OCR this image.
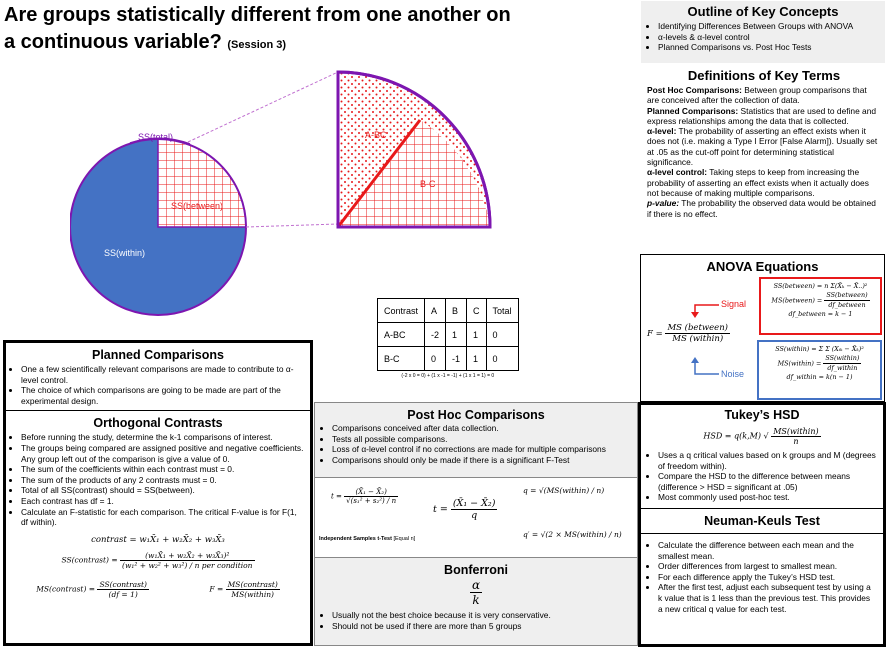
Are groups statistically different from one another on a continuous variable? (Session 3)
SS(total)
SS(between)
SS(within)
A-BC
B-C
Contrast	A	B	C	Total
A-BC	-2	1	1	0
B-C	0	-1	1	0
(-2 x 0 = 0) + (1 x -1 = -1) + (1 x 1 = 1) = 0
Outline of Key Concepts
• Identifying Differences Between Groups with ANOVA
• α-levels & α-level control
• Planned Comparisons vs. Post Hoc Tests
Definitions of Key Terms

Post Hoc Comparisons: Between group comparisons that are conceived after the collection of data.

Planned Comparisons: Statistics that are used to define and express relationships among the data that is collected.

α-level: The probability of asserting an effect exists when it does not (i.e. making a Type I Error [False Alarm]). Usually set at .05 as the cut-off point for determining statistical significance.

α-level control: Taking steps to keep from increasing the probability of asserting an effect exists when it actually does not because of making multiple comparisons.

p-value: The probability the observed data would be obtained if there is no effect.

ANOVA Equations
$F = \frac{\text{MS (between)}}{\text{MS (within)}}$
Signal
Noise
SS(between) = n Σ(X̄ₖ − X̄..)²
MS(between) = $\frac{\text{SS(between)}}{\text{df\_between}}$
df_between = k − 1
SS(within) = Σ Σ (Xᵢₖ − X̄ₖ)²
MS(within) = $\frac{\text{SS(within)}}{\text{df\_within}}$
df_within = k(n − 1)
Planned Comparisons
• One a few scientifically relevant comparisons are made to contribute to α-level control.
• The choice of which comparisons are going to be made are part of the experimental design.
Orthogonal Contrasts
• Before running the study, determine the k-1 comparisons of interest.
• The groups being compared are assigned positive and negative coefficients. Any group left out of the comparison is give a value of 0.
• The sum of the coefficients within each contrast must = 0.
• The sum of the products of any 2 contrasts must = 0.
• Total of all SS(contrast) should = SS(between).
• Each contrast has df = 1.
• Calculate an F-statistic for each comparison. The critical F-value is for F(1, df within).
contrast = w₁X̄₁ + w₂X̄₂ + w₃X̄₃
SS(contrast) = $\frac{\text{(w₁X̄₁ + w₂X̄₂ + w₃X̄₃)²}}{\text{(w₁² + w₂² + w₃²) / n per condition}}$
MS(contrast) = $\frac{\text{SS(contrast)}}{(df = 1)}$	$F = \frac{\text{MS(contrast)}}{\text{MS(within)}}$
Post Hoc Comparisons
• Comparisons conceived after data collection.
• Tests all possible comparisons.
• Loss of α-level control if no corrections are made for multiple comparisons
• Comparisons should only be made if there is a significant F-Test
$t = \frac{\text{(X̄₁ − X̄₂)}}{\text{√(s₁² + s₂²) / n}}$
$t = \frac{\text{(X̄₁ − X̄₂)}}{q}$
q = √(MS(within) / n)
q′ = √(2 × MS(within) / n)
Independent Samples t-Test [Equal n]
Bonferroni
$\frac{\alpha}{k}$
• Usually not the best choice because it is very conservative.
• Should not be used if there are more than 5 groups
Tukey’s HSD
HSD = q(k,M) √ $\frac{\text{MS(within)}}{n}$
• Uses a q critical values based on k groups and M (degrees of freedom within).
• Compare the HSD to the difference between means (difference > HSD = significant at .05)
• Most commonly used post-hoc test.
Neuman-Keuls Test
• Calculate the difference between each mean and the smallest mean.
• Order differences from largest to smallest mean.
• For each difference apply the Tukey’s HSD test.
• After the first test, adjust each subsequent test by using a k value that is 1 less than the previous test. This provides a new critical q value for each test.
